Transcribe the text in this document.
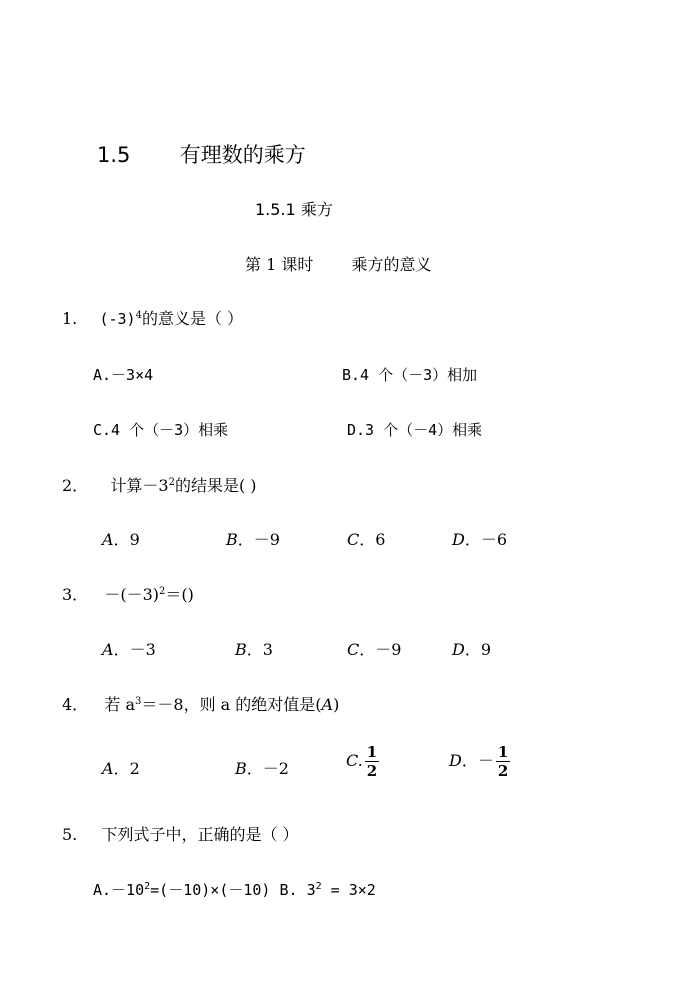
1.5 有理数的乘方
1.5.1 乘方
第 1 课时 乘方的意义
1. $(-3)^4$的意义是（ ）
A.－3×4	B.4 个（－3）相加
C.4 个（－3）相乘	D.3 个（－4）相乘
2． 计算$-3^2$的结果是( )
A．9	B．－9	C．6	D．－6
3． $-(-3)^2=()$
A．－3	B．3	C．－9	D．9
4． 若 $a^3=-8$，则 a 的绝对值是(A)
A．2	B．－2	C. $\frac{1}{2}$	D．－ $\frac{1}{2}$
5. 下列式子中，正确的是（ ）
$A.-10^2=(-10)\times(-10)$ B. $3^2 = 3\times 2$
